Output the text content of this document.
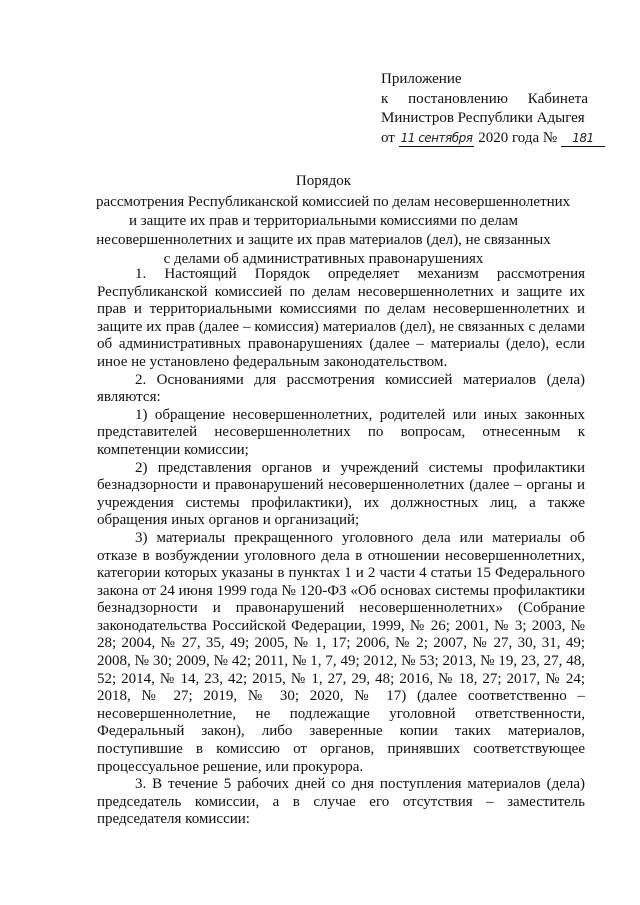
Приложение
к постановлению Кабинета
Министров Республики Адыгея
от 11 сентября 2020 года № 181
Порядок
рассмотрения Республиканской комиссией по делам несовершеннолетних
и защите их прав и территориальными комиссиями по делам
несовершеннолетних и защите их прав материалов (дел), не связанных
с делами об административных правонарушениях

1. Настоящий Порядок определяет механизм рассмотрения Республиканской комиссией по делам несовершеннолетних и защите их прав и территориальными комиссиями по делам несовершеннолетних и защите их прав (далее – комиссия) материалов (дел), не связанных с делами об административных правонарушениях (далее – материалы (дело), если иное не установлено федеральным законодательством.

2. Основаниями для рассмотрения комиссией материалов (дела) являются:

1) обращение несовершеннолетних, родителей или иных законных представителей несовершеннолетних по вопросам, отнесенным к компетенции комиссии;

2) представления органов и учреждений системы профилактики безнадзорности и правонарушений несовершеннолетних (далее – органы и учреждения системы профилактики), их должностных лиц, а также обращения иных органов и организаций;

3) материалы прекращенного уголовного дела или материалы об отказе в возбуждении уголовного дела в отношении несовершеннолетних, категории которых указаны в пунктах 1 и 2 части 4 статьи 15 Федерального закона от 24 июня 1999 года № 120-ФЗ «Об основах системы профилактики безнадзорности и правонарушений несовершеннолетних» (Собрание законодательства Российской Федерации, 1999, № 26; 2001, № 3; 2003, № 28; 2004, № 27, 35, 49; 2005, № 1, 17; 2006, № 2; 2007, № 27, 30, 31, 49; 2008, № 30; 2009, № 42; 2011, № 1, 7, 49; 2012, № 53; 2013, № 19, 23, 27, 48, 52; 2014, № 14, 23, 42; 2015, № 1, 27, 29, 48; 2016, № 18, 27; 2017, № 24; 2018, № 27; 2019, № 30; 2020, № 17) (далее соответственно – несовершеннолетние, не подлежащие уголовной ответственности, Федеральный закон), либо заверенные копии таких материалов, поступившие в комиссию от органов, принявших соответствующее процессуальное решение, или прокурора.

3. В течение 5 рабочих дней со дня поступления материалов (дела) председатель комиссии, а в случае его отсутствия – заместитель председателя комиссии:
